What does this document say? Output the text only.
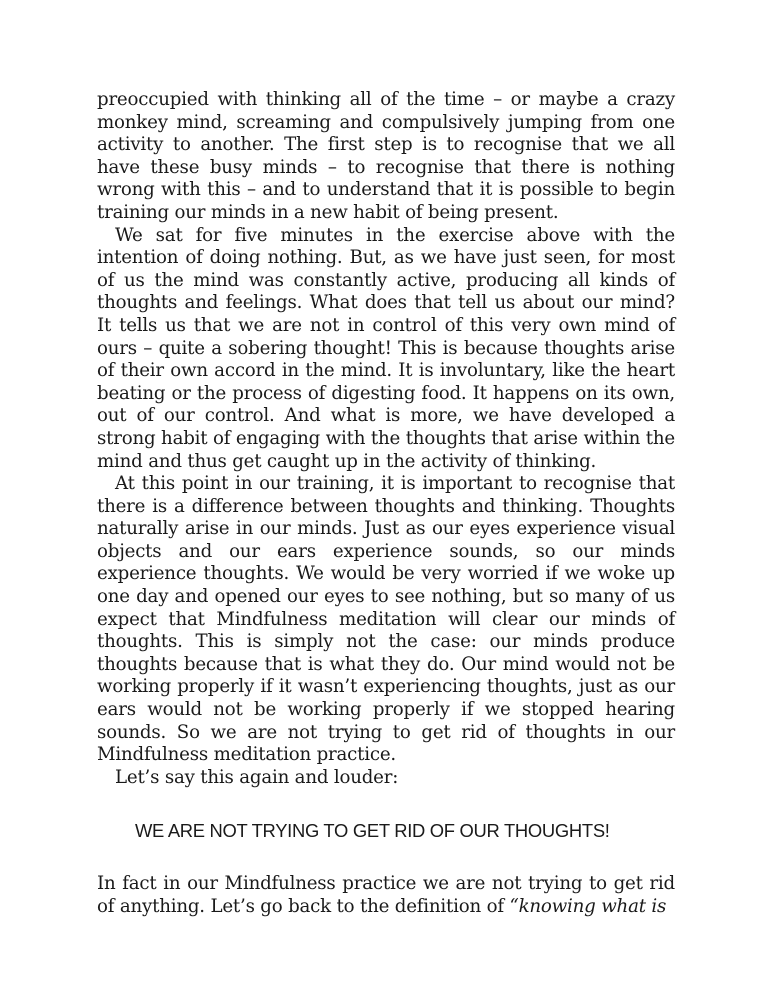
preoccupied with thinking all of the time – or maybe a crazy monkey mind, screaming and compulsively jumping from one activity to another. The first step is to recognise that we all have these busy minds – to recognise that there is nothing wrong with this – and to understand that it is possible to begin training our minds in a new habit of being present.

We sat for five minutes in the exercise above with the intention of doing nothing. But, as we have just seen, for most of us the mind was constantly active, producing all kinds of thoughts and feelings. What does that tell us about our mind? It tells us that we are not in control of this very own mind of ours – quite a sobering thought! This is because thoughts arise of their own accord in the mind. It is involuntary, like the heart beating or the process of digesting food. It happens on its own, out of our control. And what is more, we have developed a strong habit of engaging with the thoughts that arise within the mind and thus get caught up in the activity of thinking.

At this point in our training, it is important to recognise that there is a difference between thoughts and thinking. Thoughts naturally arise in our minds. Just as our eyes experience visual objects and our ears experience sounds, so our minds experience thoughts. We would be very worried if we woke up one day and opened our eyes to see nothing, but so many of us expect that Mindfulness meditation will clear our minds of thoughts. This is simply not the case: our minds produce thoughts because that is what they do. Our mind would not be working properly if it wasn’t experiencing thoughts, just as our ears would not be working properly if we stopped hearing sounds. So we are not trying to get rid of thoughts in our Mindfulness meditation practice.

Let’s say this again and louder:

WE ARE NOT TRYING TO GET RID OF OUR THOUGHTS!

In fact in our Mindfulness practice we are not trying to get rid of anything. Let’s go back to the definition of “knowing what is
